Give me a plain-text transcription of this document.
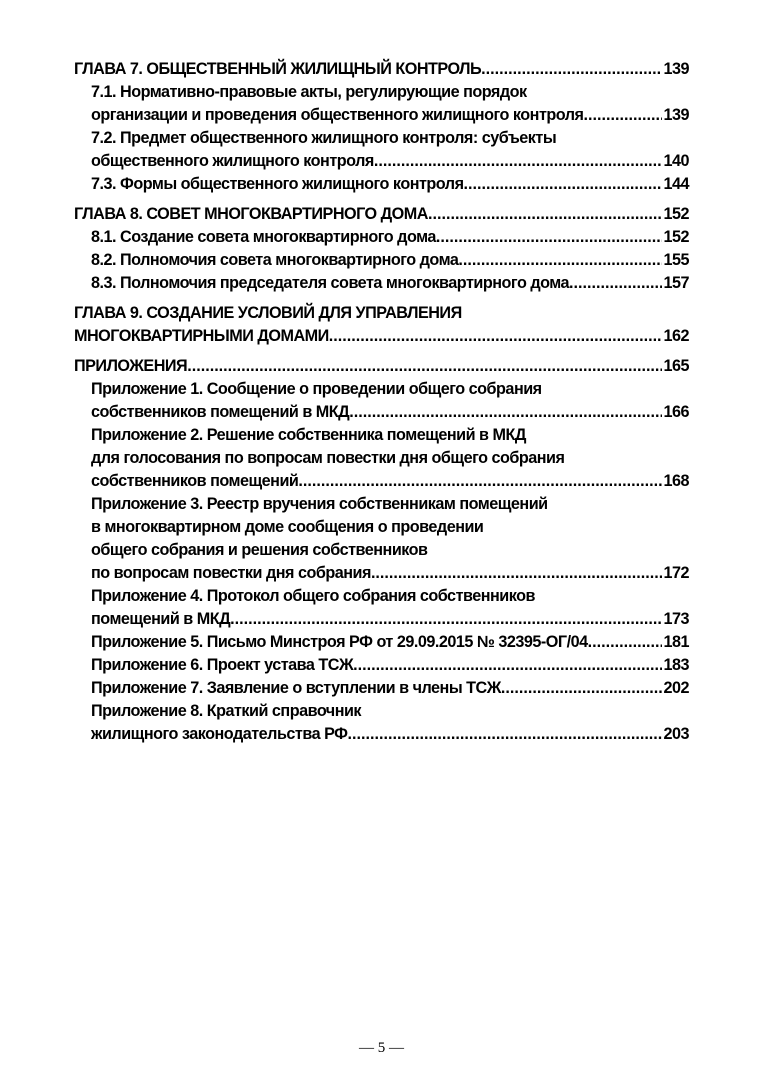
ГЛАВА 7. ОБЩЕСТВЕННЫЙ ЖИЛИЩНЫЙ КОНТРОЛЬ .....	139
7.1. Нормативно-правовые акты, регулирующие порядок
организации и проведения общественного жилищного контроля .....	139
7.2. Предмет общественного жилищного контроля: субъекты
общественного жилищного контроля .....	140
7.3. Формы общественного жилищного контроля .....	144
ГЛАВА 8. СОВЕТ МНОГОКВАРТИРНОГО ДОМА .....	152
8.1. Создание совета многоквартирного дома .....	152
8.2. Полномочия совета многоквартирного дома .....	155
8.3. Полномочия председателя совета многоквартирного дома .....	157
ГЛАВА 9. СОЗДАНИЕ УСЛОВИЙ ДЛЯ УПРАВЛЕНИЯ
МНОГОКВАРТИРНЫМИ ДОМАМИ .....	162
ПРИЛОЖЕНИЯ .....	165
Приложение 1. Сообщение о проведении общего собрания
собственников помещений в МКД .....	166
Приложение 2. Решение собственника помещений в МКД
для голосования по вопросам повестки дня общего собрания
собственников помещений .....	168
Приложение 3. Реестр вручения собственникам помещений
в многоквартирном доме сообщения о проведении
общего собрания и решения собственников
по вопросам повестки дня собрания .....	172
Приложение 4. Протокол общего собрания собственников
помещений в МКД .....	173
Приложение 5. Письмо Минстроя РФ от 29.09.2015 № 32395-ОГ/04 .....	181
Приложение 6. Проект устава ТСЖ .....	183
Приложение 7. Заявление о вступлении в члены ТСЖ .....	202
Приложение 8. Краткий справочник
жилищного законодательства РФ .....	203
— 5 —
